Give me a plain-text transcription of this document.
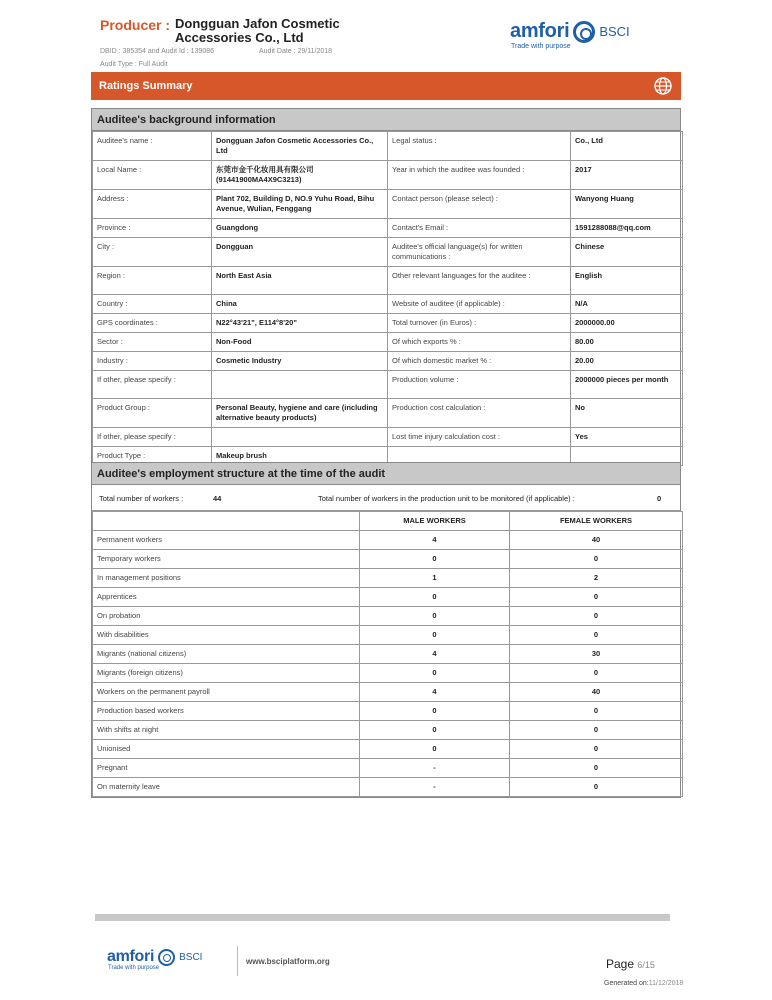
Producer : Dongguan Jafon Cosmetic Accessories Co., Ltd
DBID : 385354 and Audit Id : 139086	Audit Date : 29/11/2018
Audit Type : Full Audit
amfori BSCI
Trade with purpose
Ratings Summary
Auditee's background information
Auditee's name :	Dongguan Jafon Cosmetic Accessories Co., Ltd	Legal status :	Co., Ltd
Local Name :	东莞市金千化妆用具有限公司 (91441900MA4X9C3213)	Year in which the auditee was founded :	2017
Address :	Plant 702, Building D, NO.9 Yuhu Road, Bihu Avenue, Wulian, Fenggang	Contact person (please select) :	Wanyong Huang
Province :	Guangdong	Contact's Email :	1591288088@qq.com
City :	Dongguan	Auditee's official language(s) for written communications :	Chinese
Region :	North East Asia	Other relevant languages for the auditee :	English
Country :	China	Website of auditee (if applicable) :	N/A
GPS coordinates :	N22°43'21", E114°8'20"	Total turnover (in Euros) :	2000000.00
Sector :	Non-Food	Of which exports % :	80.00
Industry :	Cosmetic Industry	Of which domestic market % :	20.00
If other, please specify :		Production volume :	2000000 pieces per month
Product Group :	Personal Beauty, hygiene and care (including alternative beauty products)	Production cost calculation :	No
If other, please specify :		Lost time injury calculation cost :	Yes
Product Type :	Makeup brush		
Auditee's employment structure at the time of the audit
Total number of workers :	44	Total number of workers in the production unit to be monitored (if applicable) :	0
	MALE WORKERS	FEMALE WORKERS
Permanent workers	4	40
Temporary workers	0	0
In management positions	1	2
Apprentices	0	0
On probation	0	0
With disabilities	0	0
Migrants (national citizens)	4	30
Migrants (foreign citizens)	0	0
Workers on the permanent payroll	4	40
Production based workers	0	0
With shifts at night	0	0
Unionised	0	0
Pregnant	-	0
On maternity leave	-	0
amfori	BSCI
Trade with purpose
www.bsciplatform.org	Page 6/15
Generated on:11/12/2018
